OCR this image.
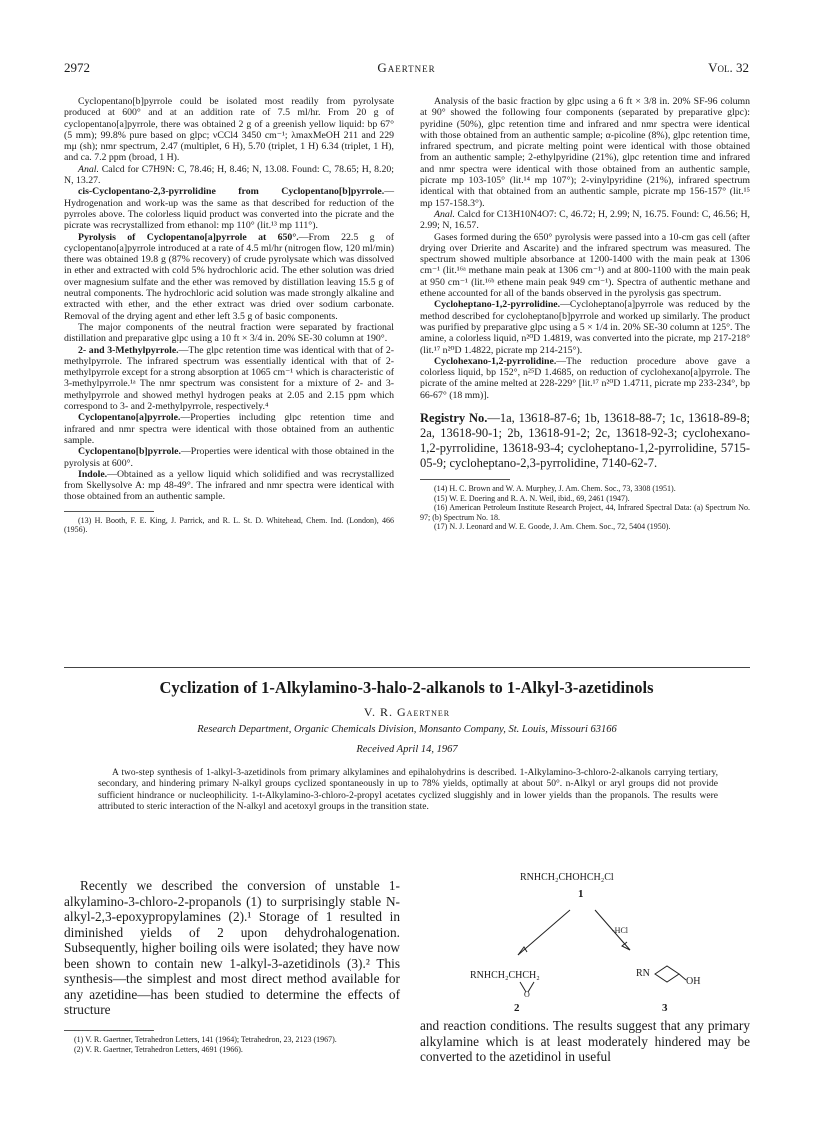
2972	Gaertner	Vol. 32

Cyclopentano[b]pyrrole could be isolated most readily from pyrolysate produced at 600° and at an addition rate of 7.5 ml/hr. From 20 g of cyclopentano[a]pyrrole, there was obtained 2 g of a greenish yellow liquid: bp 67° (5 mm); 99.8% pure based on glpc; νCCl4 3450 cm⁻¹; λmaxMeOH 211 and 229 mμ (sh); nmr spectrum, 2.47 (multiplet, 6 H), 5.70 (triplet, 1 H) 6.34 (triplet, 1 H), and ca. 7.2 ppm (broad, 1 H).

Anal. Calcd for C7H9N: C, 78.46; H, 8.46; N, 13.08. Found: C, 78.65; H, 8.20; N, 13.27.

cis-Cyclopentano-2,3-pyrrolidine from Cyclopentano[b]pyrrole.—Hydrogenation and work-up was the same as that described for reduction of the pyrroles above. The colorless liquid product was converted into the picrate and the picrate was recrystallized from ethanol: mp 110° (lit.¹³ mp 111°).

Pyrolysis of Cyclopentano[a]pyrrole at 650°.—From 22.5 g of cyclopentano[a]pyrrole introduced at a rate of 4.5 ml/hr (nitrogen flow, 120 ml/min) there was obtained 19.8 g (87% recovery) of crude pyrolysate which was dissolved in ether and extracted with cold 5% hydrochloric acid. The ether solution was dried over magnesium sulfate and the ether was removed by distillation leaving 15.5 g of neutral components. The hydrochloric acid solution was made strongly alkaline and extracted with ether, and the ether extract was dried over sodium carbonate. Removal of the drying agent and ether left 3.5 g of basic components.

The major components of the neutral fraction were separated by fractional distillation and preparative glpc using a 10 ft × 3/4 in. 20% SE-30 column at 190°.

2- and 3-Methylpyrrole.—The glpc retention time was identical with that of 2-methylpyrrole. The infrared spectrum was essentially identical with that of 2-methylpyrrole except for a strong absorption at 1065 cm⁻¹ which is characteristic of 3-methylpyrrole.¹ᵃ The nmr spectrum was consistent for a mixture of 2- and 3-methylpyrrole and showed methyl hydrogen peaks at 2.05 and 2.15 ppm which correspond to 3- and 2-methylpyrrole, respectively.⁴

Cyclopentano[a]pyrrole.—Properties including glpc retention time and infrared and nmr spectra were identical with those obtained from an authentic sample.

Cyclopentano[b]pyrrole.—Properties were identical with those obtained in the pyrolysis at 600°.

Indole.—Obtained as a yellow liquid which solidified and was recrystallized from Skellysolve A: mp 48-49°. The infrared and nmr spectra were identical with those obtained from an authentic sample.

(13) H. Booth, F. E. King, J. Parrick, and R. L. St. D. Whitehead, Chem. Ind. (London), 466 (1956).

Analysis of the basic fraction by glpc using a 6 ft × 3/8 in. 20% SF-96 column at 90° showed the following four components (separated by preparative glpc): pyridine (50%), glpc retention time and infrared and nmr spectra were identical with those obtained from an authentic sample; α-picoline (8%), glpc retention time, infrared spectrum, and picrate melting point were identical with those obtained from an authentic sample; 2-ethylpyridine (21%), glpc retention time and infrared and nmr spectra were identical with those obtained from an authentic sample, picrate mp 103-105° (lit.¹⁴ mp 107°); 2-vinylpyridine (21%), infrared spectrum identical with that obtained from an authentic sample, picrate mp 156-157° (lit.¹⁵ mp 157-158.3°).

Anal. Calcd for C13H10N4O7: C, 46.72; H, 2.99; N, 16.75. Found: C, 46.56; H, 2.99; N, 16.57.

Gases formed during the 650° pyrolysis were passed into a 10-cm gas cell (after drying over Drierite and Ascarite) and the infrared spectrum was measured. The spectrum showed multiple absorbance at 1200-1400 with the main peak at 1306 cm⁻¹ (lit.¹⁶ᵃ methane main peak at 1306 cm⁻¹) and at 800-1100 with the main peak at 950 cm⁻¹ (lit.¹⁶ᵇ ethene main peak 949 cm⁻¹). Spectra of authentic methane and ethene accounted for all of the bands observed in the pyrolysis gas spectrum.

Cycloheptano-1,2-pyrrolidine.—Cycloheptano[a]pyrrole was reduced by the method described for cycloheptano[b]pyrrole and worked up similarly. The product was purified by preparative glpc using a 5 × 1/4 in. 20% SE-30 column at 125°. The amine, a colorless liquid, n²⁰D 1.4819, was converted into the picrate, mp 217-218° (lit.¹⁷ n²⁰D 1.4822, picrate mp 214-215°).

Cyclohexano-1,2-pyrrolidine.—The reduction procedure above gave a colorless liquid, bp 152°, n²⁵D 1.4685, on reduction of cyclohexano[a]pyrrole. The picrate of the amine melted at 228-229° [lit.¹⁷ n²⁰D 1.4711, picrate mp 233-234°, bp 66-67° (18 mm)].

Registry No.—1a, 13618-87-6; 1b, 13618-88-7; 1c, 13618-89-8; 2a, 13618-90-1; 2b, 13618-91-2; 2c, 13618-92-3; cyclohexano-1,2-pyrrolidine, 13618-93-4; cycloheptano-1,2-pyrrolidine, 5715-05-9; cycloheptano-2,3-pyrrolidine, 7140-62-7.

(14) H. C. Brown and W. A. Murphey, J. Am. Chem. Soc., 73, 3308 (1951).

(15) W. E. Doering and R. A. N. Weil, ibid., 69, 2461 (1947).

(16) American Petroleum Institute Research Project, 44, Infrared Spectral Data: (a) Spectrum No. 97; (b) Spectrum No. 18.

(17) N. J. Leonard and W. E. Goode, J. Am. Chem. Soc., 72, 5404 (1950).

Cyclization of 1-Alkylamino-3-halo-2-alkanols to 1-Alkyl-3-azetidinols
V. R. Gaertner
Research Department, Organic Chemicals Division, Monsanto Company, St. Louis, Missouri 63166
Received April 14, 1967

A two-step synthesis of 1-alkyl-3-azetidinols from primary alkylamines and epihalohydrins is described. 1-Alkylamino-3-chloro-2-alkanols carrying tertiary, secondary, and hindering primary N-alkyl groups cyclized spontaneously in up to 78% yields, optimally at about 50°. n-Alkyl or aryl groups did not provide sufficient hindrance or nucleophilicity. 1-t-Alkylamino-3-chloro-2-propyl acetates cyclized sluggishly and in lower yields than the propanols. The results were attributed to steric interaction of the N-alkyl and acetoxyl groups in the transition state.

Recently we described the conversion of unstable 1-alkylamino-3-chloro-2-propanols (1) to surprisingly stable N-alkyl-2,3-epoxypropylamines (2).¹ Storage of 1 resulted in diminished yields of 2 upon dehydrohalogenation. Subsequently, higher boiling oils were isolated; they have now been shown to contain new 1-alkyl-3-azetidinols (3).² This synthesis—the simplest and most direct method available for any azetidine—has been studied to determine the effects of structure

(1) V. R. Gaertner, Tetrahedron Letters, 141 (1964); Tetrahedron, 23, 2123 (1967).

(2) V. R. Gaertner, Tetrahedron Letters, 4691 (1966).

RNHCH₂CHOHCH₂Cl
1
-HCl
RNHCH₂CHCH₂
O
2
RN
OH
3

and reaction conditions. The results suggest that any primary alkylamine which is at least moderately hindered may be converted to the azetidinol in useful
